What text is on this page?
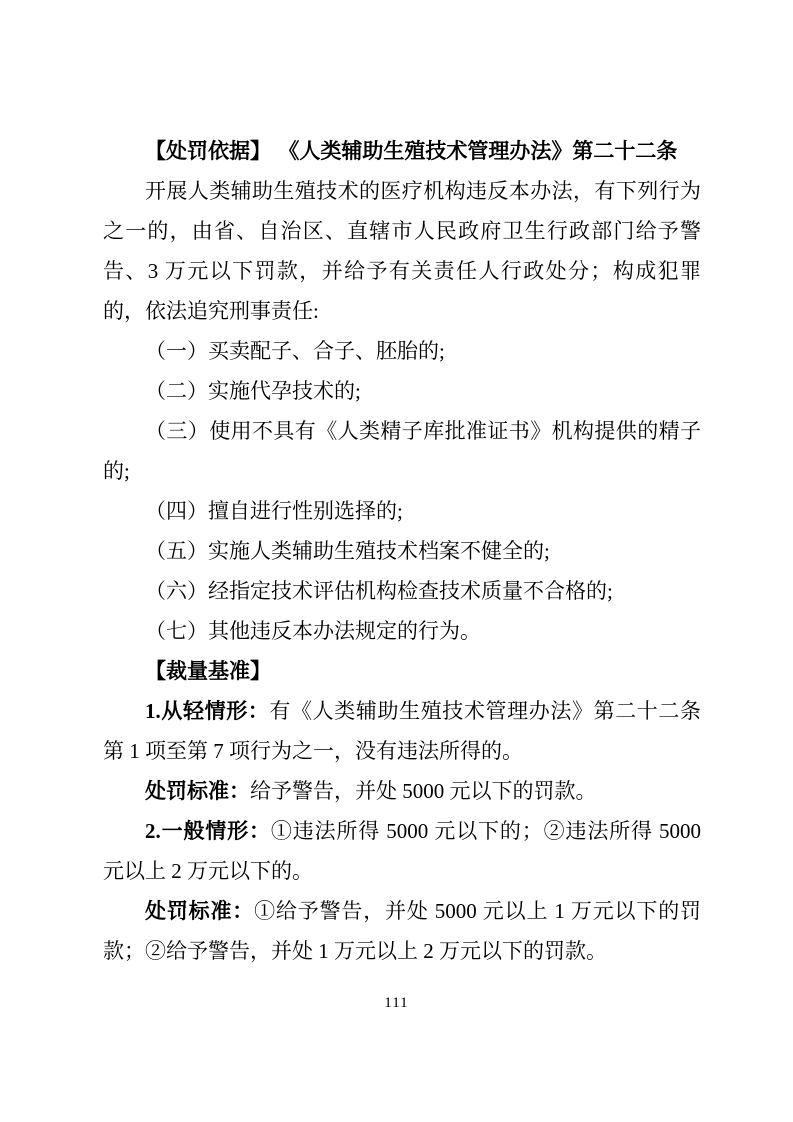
【处罚依据】 《人类辅助生殖技术管理办法》第二十二条

开展人类辅助生殖技术的医疗机构违反本办法，有下列行为之一的，由省、自治区、直辖市人民政府卫生行政部门给予警告、3 万元以下罚款，并给予有关责任人行政处分；构成犯罪的，依法追究刑事责任:

（一）买卖配子、合子、胚胎的;

（二）实施代孕技术的;

（三）使用不具有《人类精子库批准证书》机构提供的精子的;

（四）擅自进行性别选择的;

（五）实施人类辅助生殖技术档案不健全的;

（六）经指定技术评估机构检查技术质量不合格的;

（七）其他违反本办法规定的行为。

【裁量基准】

1.从轻情形：有《人类辅助生殖技术管理办法》第二十二条第 1 项至第 7 项行为之一，没有违法所得的。

处罚标准：给予警告，并处 5000 元以下的罚款。

2.一般情形：①违法所得 5000 元以下的；②违法所得 5000 元以上 2 万元以下的。

处罚标准：①给予警告，并处 5000 元以上 1 万元以下的罚款；②给予警告，并处 1 万元以上 2 万元以下的罚款。

111
